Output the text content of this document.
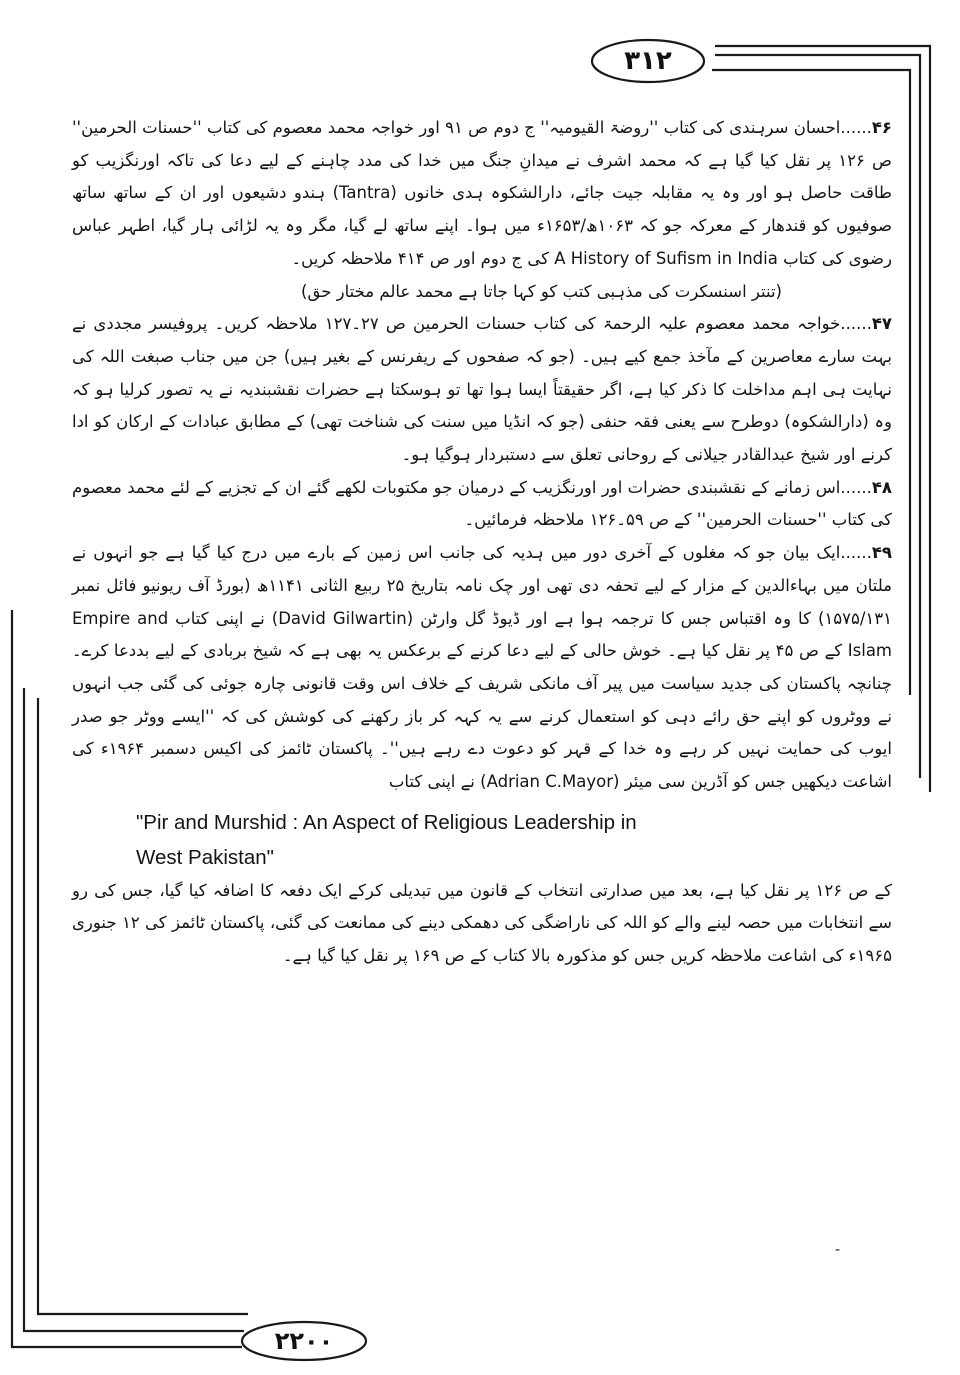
۳۱۲
۲۲۰۰

۴۶......احسان سرہندی کی کتاب ''روضۃ القیومیہ'' ج دوم ص ۹۱ اور خواجہ محمد معصوم کی کتاب ''حسنات الحرمین'' ص ۱۲۶ پر نقل کیا گیا ہے کہ محمد اشرف نے میدانِ جنگ میں خدا کی مدد چاہنے کے لیے دعا کی تاکہ اورنگزیب کو طاقت حاصل ہو اور وہ یہ مقابلہ جیت جائے، دارالشکوہ ہدی خانوں (Tantra) ہندو دشیعوں اور ان کے ساتھ ساتھ صوفیوں کو قندھار کے معرکہ جو کہ ۱۰۶۳ھ/۱۶۵۳ء میں ہوا۔ اپنے ساتھ لے گیا، مگر وہ یہ لڑائی ہار گیا، اطہر عباس رضوی کی کتاب A History of Sufism in India کی ج دوم اور ص ۴۱۴ ملاحظہ کریں۔

(تنتر اسنسکرت کی مذہبی کتب کو کہا جاتا ہے محمد عالم مختار حق)

۴۷......خواجہ محمد معصوم علیہ الرحمۃ کی کتاب حسنات الحرمین ص ۲۷۔۱۲۷ ملاحظہ کریں۔ پروفیسر مجددی نے بہت سارے معاصرین کے مآخذ جمع کیے ہیں۔ (جو کہ صفحوں کے ریفرنس کے بغیر ہیں) جن میں جناب صبغت اللہ کی نہایت ہی اہم مداخلت کا ذکر کیا ہے، اگر حقیقتاً ایسا ہوا تھا تو ہوسکتا ہے حضرات نقشبندیہ نے یہ تصور کرلیا ہو کہ وہ (دارالشکوہ) دوطرح سے یعنی فقہ حنفی (جو کہ انڈیا میں سنت کی شناخت تھی) کے مطابق عبادات کے ارکان کو ادا کرنے اور شیخ عبدالقادر جیلانی کے روحانی تعلق سے دستبردار ہوگیا ہو۔

۴۸......اس زمانے کے نقشبندی حضرات اور اورنگزیب کے درمیان جو مکتوبات لکھے گئے ان کے تجزیے کے لئے محمد معصوم کی کتاب ''حسنات الحرمین'' کے ص ۵۹۔۱۲۶ ملاحظہ فرمائیں۔

۴۹......ایک بیان جو کہ مغلوں کے آخری دور میں ہدیہ کی جانب اس زمین کے بارے میں درج کیا گیا ہے جو انہوں نے ملتان میں بہاءالدین کے مزار کے لیے تحفہ دی تھی اور چک نامہ بتاریخ ۲۵ ربیع الثانی ۱۱۴۱ھ (بورڈ آف ریونیو فائل نمبر ۱۵۷۵/۱۳۱) کا وہ اقتباس جس کا ترجمہ ہوا ہے اور ڈیوڈ گل وارٹن (David Gilwartin) نے اپنی کتاب Empire and Islam کے ص ۴۵ پر نقل کیا ہے۔ خوش حالی کے لیے دعا کرنے کے برعکس یہ بھی ہے کہ شیخ بربادی کے لیے بددعا کرے۔ چنانچہ پاکستان کی جدید سیاست میں پیر آف مانکی شریف کے خلاف اس وقت قانونی چارہ جوئی کی گئی جب انہوں نے ووٹروں کو اپنے حق رائے دہی کو استعمال کرنے سے یہ کہہ کر باز رکھنے کی کوشش کی کہ ''ایسے ووٹر جو صدر ایوب کی حمایت نہیں کر رہے وہ خدا کے قہر کو دعوت دے رہے ہیں''۔ پاکستان ٹائمز کی اکیس دسمبر ۱۹۶۴ء کی اشاعت دیکھیں جس کو آڈرین سی میئر (Adrian C.Mayor) نے اپنی کتاب

"Pir and Murshid : An Aspect of Religious Leadership in

West Pakistan"

کے ص ۱۲۶ پر نقل کیا ہے، بعد میں صدارتی انتخاب کے قانون میں تبدیلی کرکے ایک دفعہ کا اضافہ کیا گیا، جس کی رو سے انتخابات میں حصہ لینے والے کو اللہ کی ناراضگی کی دھمکی دینے کی ممانعت کی گئی، پاکستان ٹائمز کی ۱۲ جنوری ۱۹۶۵ء کی اشاعت ملاحظہ کریں جس کو مذکورہ بالا کتاب کے ص ۱۶۹ پر نقل کیا گیا ہے۔

-
